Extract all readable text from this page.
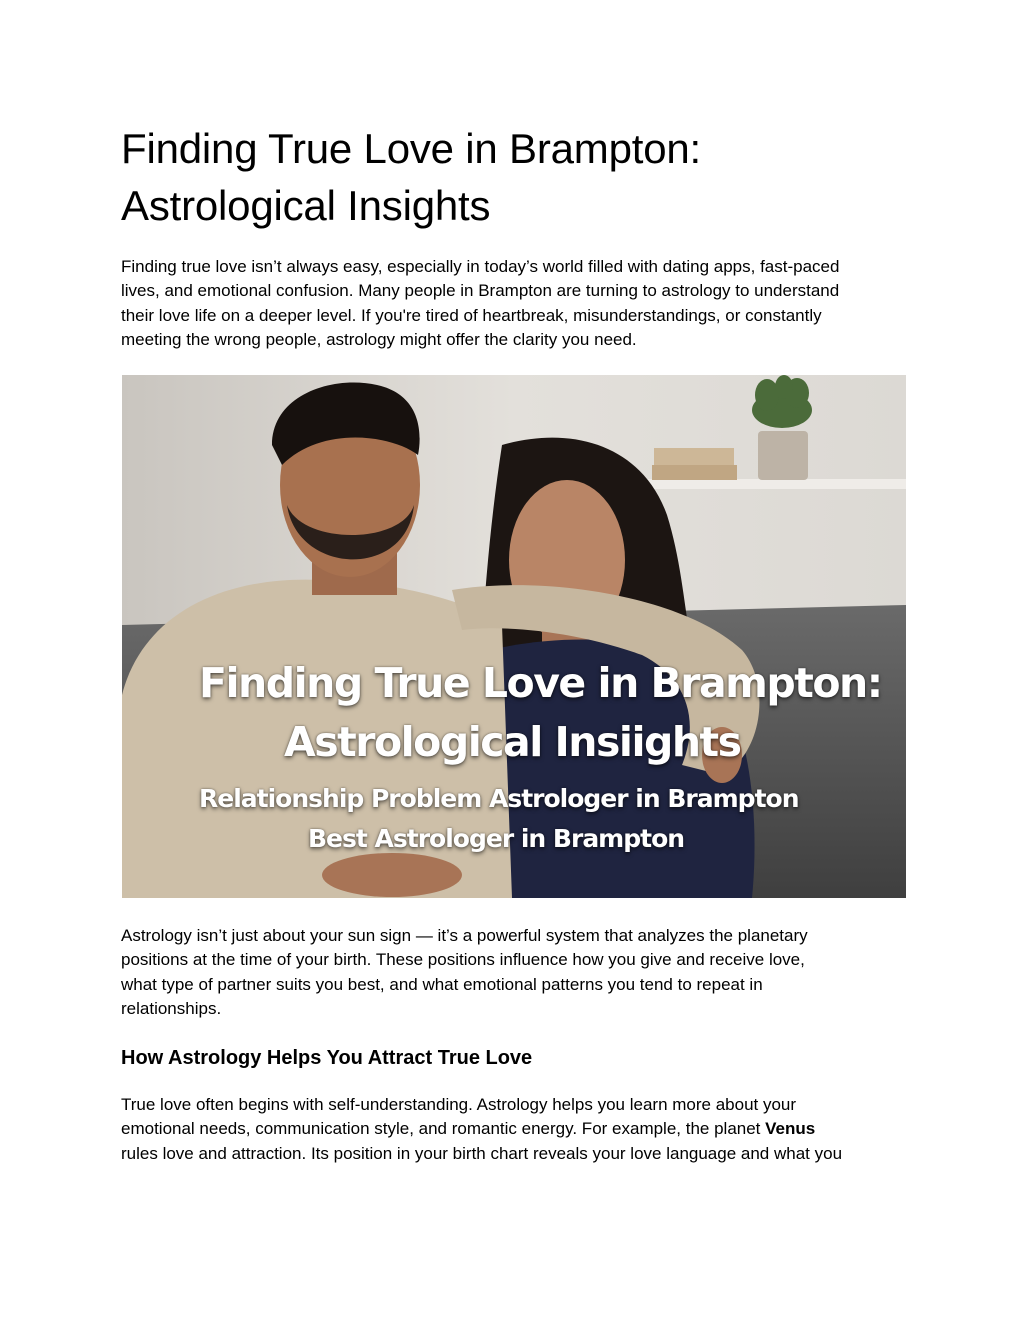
Finding True Love in Brampton:
Astrological Insights

Finding true love isn’t always easy, especially in today’s world filled with dating apps, fast-paced
lives, and emotional confusion. Many people in Brampton are turning to astrology to understand
their love life on a deeper level. If you're tired of heartbreak, misunderstandings, or constantly
meeting the wrong people, astrology might offer the clarity you need.

Astrology isn’t just about your sun sign — it’s a powerful system that analyzes the planetary
positions at the time of your birth. These positions influence how you give and receive love,
what type of partner suits you best, and what emotional patterns you tend to repeat in
relationships.

How Astrology Helps You Attract True Love

True love often begins with self-understanding. Astrology helps you learn more about your
emotional needs, communication style, and romantic energy. For example, the planet Venus
rules love and attraction. Its position in your birth chart reveals your love language and what you

Finding True Love in Brampton:
Astrological Insiights
Relationship Problem Astrologer in Brampton
Best Astrologer in Brampton
